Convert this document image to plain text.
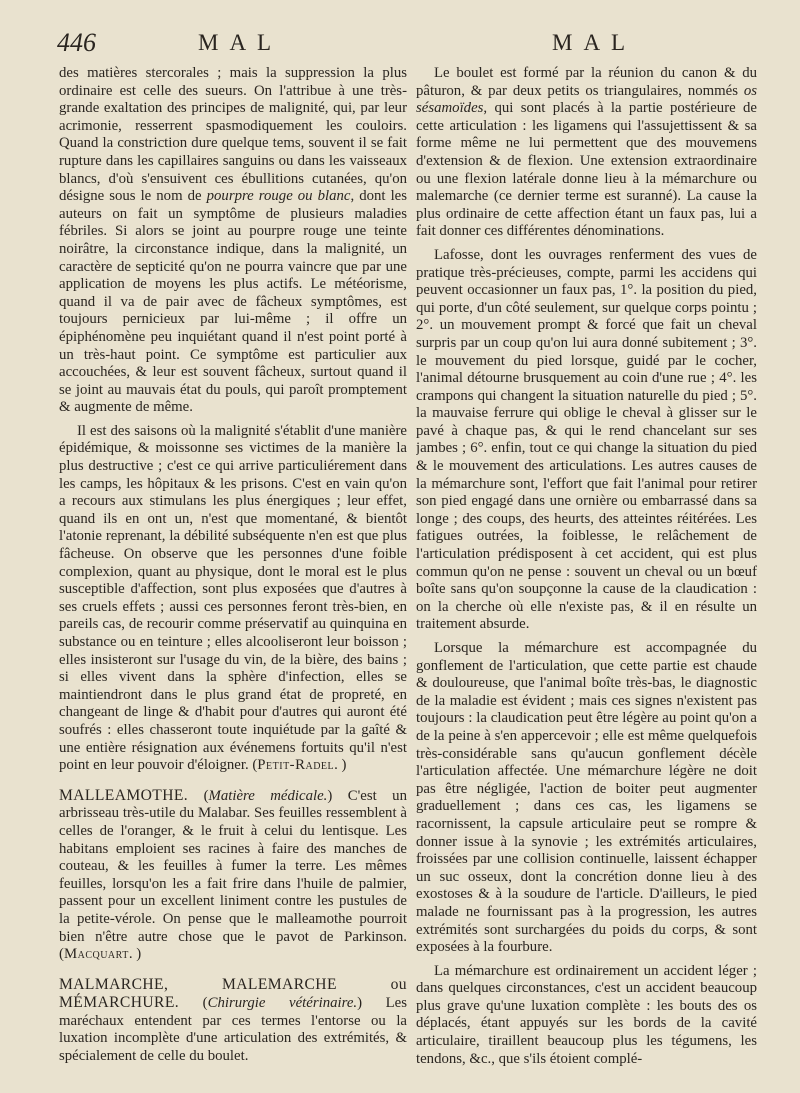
446	MAL	MAL

des matières stercorales ; mais la suppression la plus ordinaire est celle des sueurs. On l'attribue à une très-grande exaltation des principes de malignité, qui, par leur acrimonie, resserrent spasmodiquement les couloirs. Quand la constriction dure quelque tems, souvent il se fait rupture dans les capillaires sanguins ou dans les vaisseaux blancs, d'où s'ensuivent ces ébullitions cutanées, qu'on désigne sous le nom de pourpre rouge ou blanc, dont les auteurs on fait un symptôme de plusieurs maladies fébriles. Si alors se joint au pourpre rouge une teinte noirâtre, la circonstance indique, dans la malignité, un caractère de septicité qu'on ne pourra vaincre que par une application de moyens les plus actifs. Le météorisme, quand il va de pair avec de fâcheux symptômes, est toujours pernicieux par lui-même ; il offre un épiphénomène peu inquiétant quand il n'est point porté à un très-haut point. Ce symptôme est particulier aux accouchées, & leur est souvent fâcheux, surtout quand il se joint au mauvais état du pouls, qui paroît promptement & augmente de même.

Il est des saisons où la malignité s'établit d'une manière épidémique, & moissonne ses victimes de la manière la plus destructive ; c'est ce qui arrive particuliérement dans les camps, les hôpitaux & les prisons. C'est en vain qu'on a recours aux stimulans les plus énergiques ; leur effet, quand ils en ont un, n'est que momentané, & bientôt l'atonie reprenant, la débilité subséquente n'en est que plus fâcheuse. On observe que les personnes d'une foible complexion, quant au physique, dont le moral est le plus susceptible d'affection, sont plus exposées que d'autres à ses cruels effets ; aussi ces personnes feront très-bien, en pareils cas, de recourir comme préservatif au quinquina en substance ou en teinture ; elles alcooliseront leur boisson ; elles insisteront sur l'usage du vin, de la bière, des bains ; si elles vivent dans la sphère d'infection, elles se maintiendront dans le plus grand état de propreté, en changeant de linge & d'habit pour d'autres qui auront été soufrés : elles chasseront toute inquiétude par la gaîté & une entière résignation aux événemens fortuits qu'il n'est point en leur pouvoir d'éloigner. (Petit-Radel. )

MALLEAMOTHE. (Matière médicale.) C'est un arbrisseau très-utile du Malabar. Ses feuilles ressemblent à celles de l'oranger, & le fruit à celui du lentisque. Les habitans emploient ses racines à faire des manches de couteau, & les feuilles à fumer la terre. Les mêmes feuilles, lorsqu'on les a fait frire dans l'huile de palmier, passent pour un excellent liniment contre les pustules de la petite-vérole. On pense que le malleamothe pourroit bien n'être autre chose que le pavot de Parkinson. (Macquart. )

MALMARCHE, MALEMARCHE ou MÉMARCHURE. (Chirurgie vétérinaire.) Les maréchaux entendent par ces termes l'entorse ou la luxation incomplète d'une articulation des extrémités, & spécialement de celle du boulet.

Le boulet est formé par la réunion du canon & du pâturon, & par deux petits os triangulaires, nommés os sésamoïdes, qui sont placés à la partie postérieure de cette articulation : les ligamens qui l'assujettissent & sa forme même ne lui permettent que des mouvemens d'extension & de flexion. Une extension extraordinaire ou une flexion latérale donne lieu à la mémarchure ou malemarche (ce dernier terme est suranné). La cause la plus ordinaire de cette affection étant un faux pas, lui a fait donner ces différentes dénominations.

Lafosse, dont les ouvrages renferment des vues de pratique très-précieuses, compte, parmi les accidens qui peuvent occasionner un faux pas, 1°. la position du pied, qui porte, d'un côté seulement, sur quelque corps pointu ; 2°. un mouvement prompt & forcé que fait un cheval surpris par un coup qu'on lui aura donné subitement ; 3°. le mouvement du pied lorsque, guidé par le cocher, l'animal détourne brusquement au coin d'une rue ; 4°. les crampons qui changent la situation naturelle du pied ; 5°. la mauvaise ferrure qui oblige le cheval à glisser sur le pavé à chaque pas, & qui le rend chancelant sur ses jambes ; 6°. enfin, tout ce qui change la situation du pied & le mouvement des articulations. Les autres causes de la mémarchure sont, l'effort que fait l'animal pour retirer son pied engagé dans une ornière ou embarrassé dans sa longe ; des coups, des heurts, des atteintes réitérées. Les fatigues outrées, la foiblesse, le relâchement de l'articulation prédisposent à cet accident, qui est plus commun qu'on ne pense : souvent un cheval ou un bœuf boîte sans qu'on soupçonne la cause de la claudication : on la cherche où elle n'existe pas, & il en résulte un traitement absurde.

Lorsque la mémarchure est accompagnée du gonflement de l'articulation, que cette partie est chaude & douloureuse, que l'animal boîte très-bas, le diagnostic de la maladie est évident ; mais ces signes n'existent pas toujours : la claudication peut être légère au point qu'on a de la peine à s'en appercevoir ; elle est même quelquefois très-considérable sans qu'aucun gonflement décèle l'articulation affectée. Une mémarchure légère ne doit pas être négligée, l'action de boiter peut augmenter graduellement ; dans ces cas, les ligamens se racornissent, la capsule articulaire peut se rompre & donner issue à la synovie ; les extrémités articulaires, froissées par une collision continuelle, laissent échapper un suc osseux, dont la concrétion donne lieu à des exostoses & à la soudure de l'article. D'ailleurs, le pied malade ne fournissant pas à la progression, les autres extrémités sont surchargées du poids du corps, & sont exposées à la fourbure.

La mémarchure est ordinairement un accident léger ; dans quelques circonstances, c'est un accident beaucoup plus grave qu'une luxation complète : les bouts des os déplacés, étant appuyés sur les bords de la cavité articulaire, tiraillent beaucoup plus les tégumens, les tendons, &c., que s'ils étoient complé-
